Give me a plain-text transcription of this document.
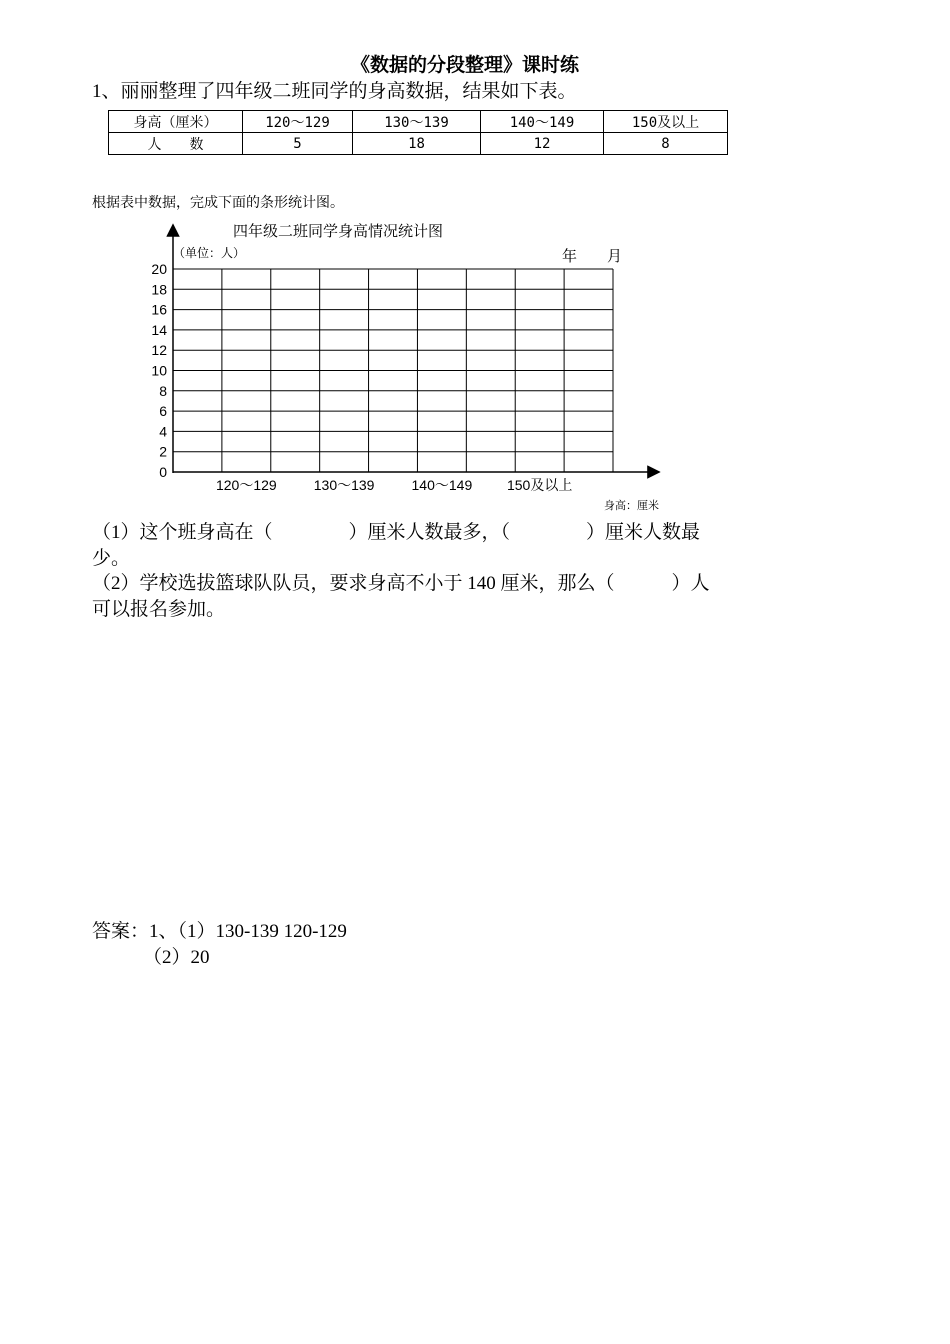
《数据的分段整理》课时练
1、丽丽整理了四年级二班同学的身高数据，结果如下表。
身高（厘米）	120～129	130～139	140～149	150及以上
人　　数	5	18	12	8
根据表中数据，完成下面的条形统计图。
四年级二班同学身高情况统计图
（单位：人）	年　　月
0
2
4
6
8
10
12
14
16
18
20
120～129	130～139	140～149 150及以上
身高：厘米
（1）这个班身高在（　　　　）厘米人数最多，（　　　　）厘米人数最
少。
（2）学校选拔篮球队队员，要求身高不小于 140 厘米，那么（　　　）人
可以报名参加。
答案：1、（1）130-139 120-129
（2）20
